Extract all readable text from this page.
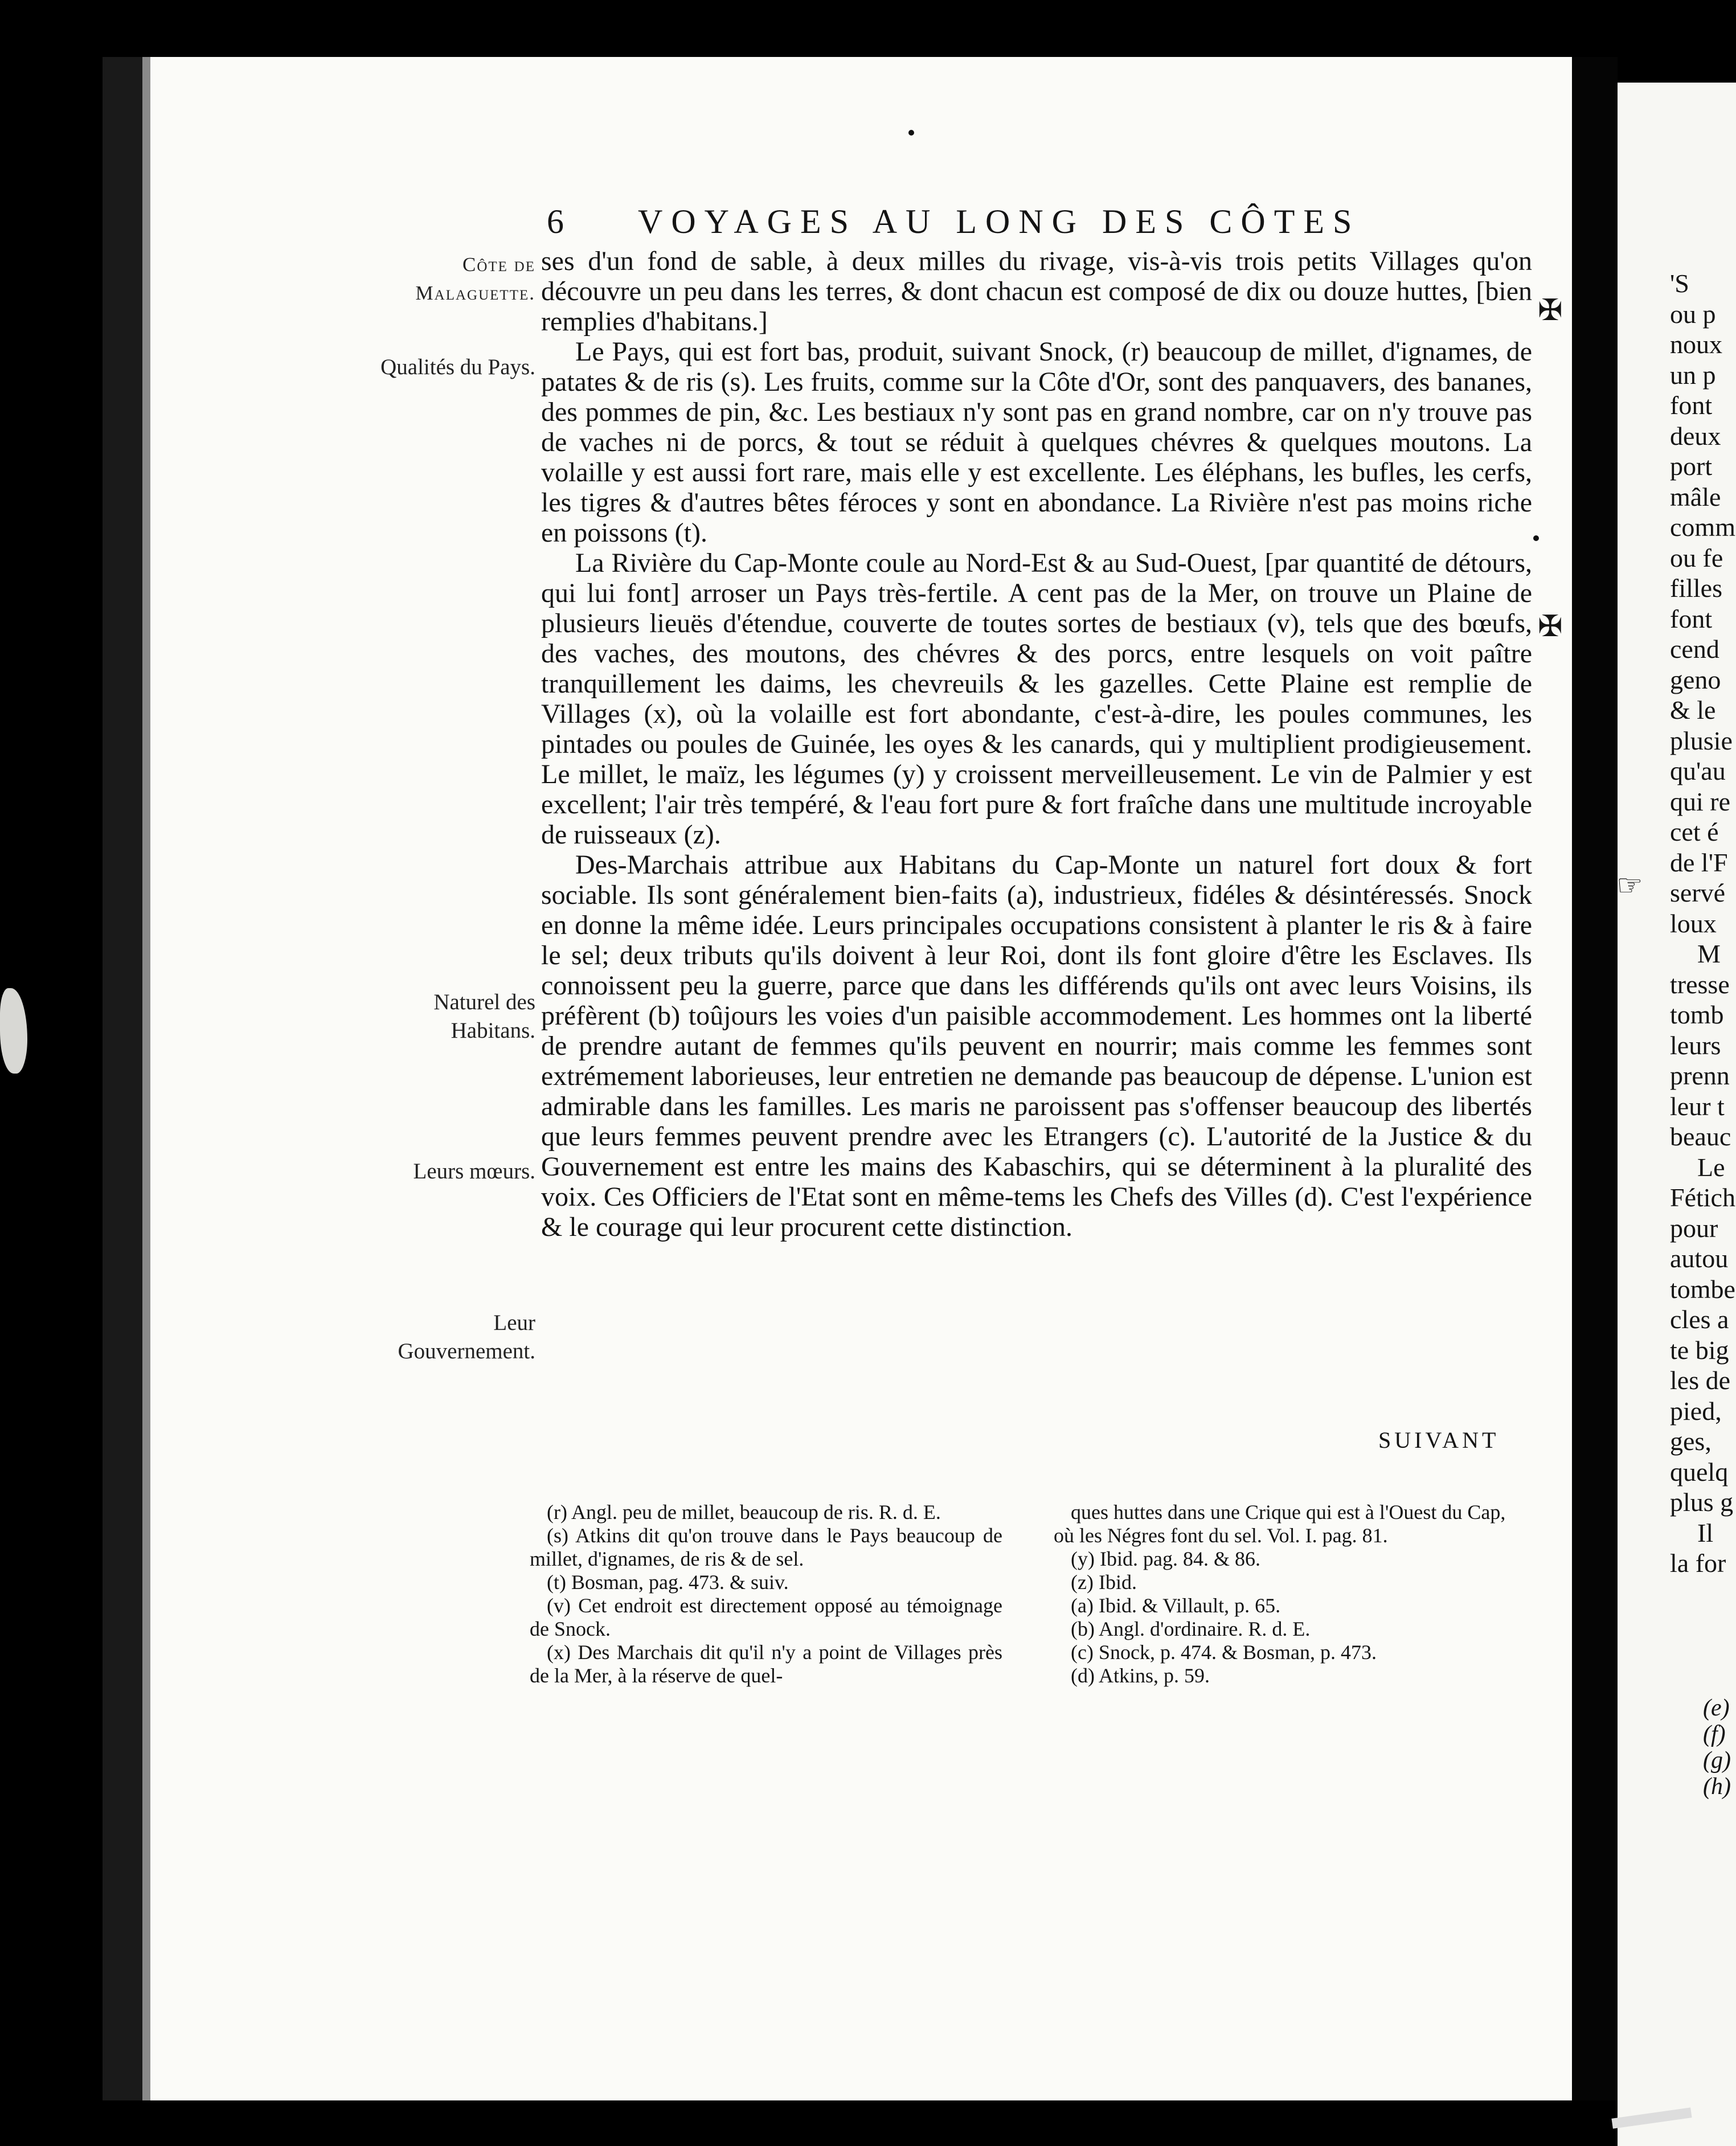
6 VOYAGES AU LONG DES CÔTES
Côte de Malaguette.
Qualités du Pays.
Naturel des Habitans.
Leurs mœurs.
Leur Gouvernement.

ses d'un fond de sable, à deux milles du rivage, vis-à-vis trois petits Villages qu'on découvre un peu dans les terres, & dont chacun est composé de dix ou douze huttes, [bien remplies d'habitans.]

Le Pays, qui est fort bas, produit, suivant Snock, (r) beaucoup de millet, d'ignames, de patates & de ris (s). Les fruits, comme sur la Côte d'Or, sont des panquavers, des bananes, des pommes de pin, &c. Les bestiaux n'y sont pas en grand nombre, car on n'y trouve pas de vaches ni de porcs, & tout se réduit à quelques chévres & quelques moutons. La volaille y est aussi fort rare, mais elle y est excellente. Les éléphans, les bufles, les cerfs, les tigres & d'autres bêtes féroces y sont en abondance. La Rivière n'est pas moins riche en poissons (t).

La Rivière du Cap-Monte coule au Nord-Est & au Sud-Ouest, [par quantité de détours, qui lui font] arroser un Pays très-fertile. A cent pas de la Mer, on trouve un Plaine de plusieurs lieuës d'étendue, couverte de toutes sortes de bestiaux (v), tels que des bœufs, des vaches, des moutons, des chévres & des porcs, entre lesquels on voit paître tranquillement les daims, les chevreuils & les gazelles. Cette Plaine est remplie de Villages (x), où la volaille est fort abondante, c'est-à-dire, les poules communes, les pintades ou poules de Guinée, les oyes & les canards, qui y multiplient prodigieusement. Le millet, le maïz, les légumes (y) y croissent merveilleusement. Le vin de Palmier y est excellent; l'air très tempéré, & l'eau fort pure & fort fraîche dans une multitude incroyable de ruisseaux (z).

Des-Marchais attribue aux Habitans du Cap-Monte un naturel fort doux & fort sociable. Ils sont généralement bien-faits (a), industrieux, fidéles & désintéressés. Snock en donne la même idée. Leurs principales occupations consistent à planter le ris & à faire le sel; deux tributs qu'ils doivent à leur Roi, dont ils font gloire d'être les Esclaves. Ils connoissent peu la guerre, parce que dans les différends qu'ils ont avec leurs Voisins, ils préfèrent (b) toûjours les voies d'un paisible accommodement. Les hommes ont la liberté de prendre autant de femmes qu'ils peuvent en nourrir; mais comme les femmes sont extrémement laborieuses, leur entretien ne demande pas beaucoup de dépense. L'union est admirable dans les familles. Les maris ne paroissent pas s'offenser beaucoup des libertés que leurs femmes peuvent prendre avec les Etrangers (c). L'autorité de la Justice & du Gouvernement est entre les mains des Kabaschirs, qui se déterminent à la pluralité des voix. Ces Officiers de l'Etat sont en même-tems les Chefs des Villes (d). C'est l'expérience & le courage qui leur procurent cette distinction.

✠
✠
SUIVANT
(r) Angl. peu de millet, beaucoup de ris. R. d. E.
(s) Atkins dit qu'on trouve dans le Pays beaucoup de millet, d'ignames, de ris & de sel.
(t) Bosman, pag. 473. & suiv.
(v) Cet endroit est directement opposé au témoignage de Snock.
(x) Des Marchais dit qu'il n'y a point de Villages près de la Mer, à la réserve de quel-
ques huttes dans une Crique qui est à l'Ouest du Cap, où les Négres font du sel. Vol. I. pag. 81.
(y) Ibid. pag. 84. & 86.
(z) Ibid.
(a) Ibid. & Villault, p. 65.
(b) Angl. d'ordinaire. R. d. E.
(c) Snock, p. 474. & Bosman, p. 473.
(d) Atkins, p. 59.
'S
ou p
noux
un p
font
deux
port
mâle
comm
ou fe
filles
font
cend
geno
& le
plusie
qu'au
qui re
cet é
de l'F
servé
loux
M
tresse
tomb
leurs
prenn
leur t
beauc
Le
Fétich
pour
autou
tombe
cles a
te big
les de
pied,
ges,
quelq
plus g
Il
la for
(e)
(f)
(g)
(h)
☞
